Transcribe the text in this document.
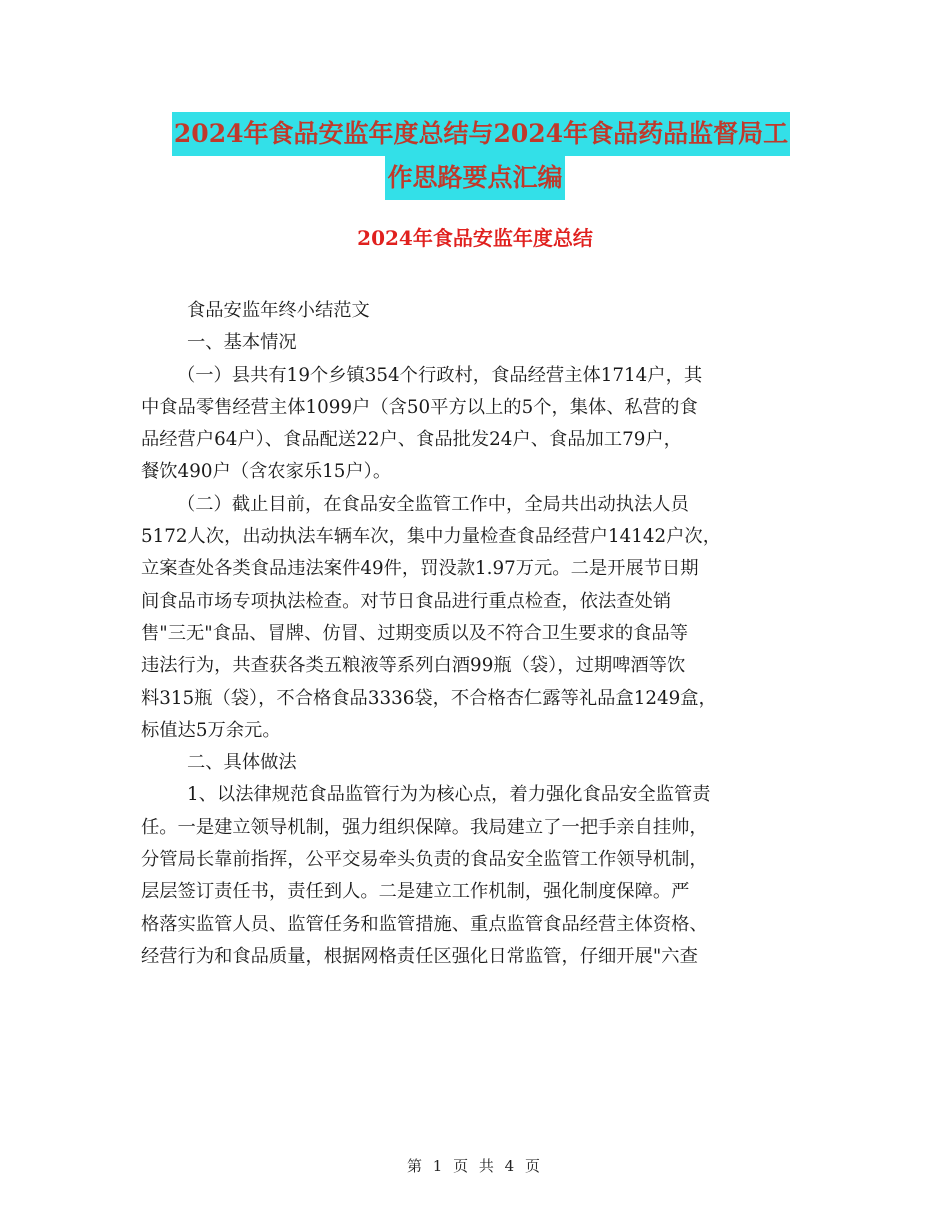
2024年食品安监年度总结与2024年食品药品监督局工
作思路要点汇编
2024年食品安监年度总结
食品安监年终小结范文
一、基本情况
（一）县共有19个乡镇354个行政村，食品经营主体1714户，其
中食品零售经营主体1099户（含50平方以上的5个，集体、私营的食
品经营户64户）、食品配送22户、食品批发24户、食品加工79户，
餐饮490户（含农家乐15户）。
（二）截止目前，在食品安全监管工作中，全局共出动执法人员
5172人次，出动执法车辆车次，集中力量检查食品经营户14142户次，
立案查处各类食品违法案件49件，罚没款1.97万元。二是开展节日期
间食品市场专项执法检查。对节日食品进行重点检查，依法查处销
售"三无"食品、冒牌、仿冒、过期变质以及不符合卫生要求的食品等
违法行为，共查获各类五粮液等系列白酒99瓶（袋），过期啤酒等饮
料315瓶（袋），不合格食品3336袋，不合格杏仁露等礼品盒1249盒，
标值达5万余元。
二、具体做法
1、以法律规范食品监管行为为核心点，着力强化食品安全监管责
任。一是建立领导机制，强力组织保障。我局建立了一把手亲自挂帅，
分管局长靠前指挥，公平交易牵头负责的食品安全监管工作领导机制，
层层签订责任书，责任到人。二是建立工作机制，强化制度保障。严
格落实监管人员、监管任务和监管措施、重点监管食品经营主体资格、
经营行为和食品质量，根据网格责任区强化日常监管，仔细开展"六查
第 1 页 共 4 页
